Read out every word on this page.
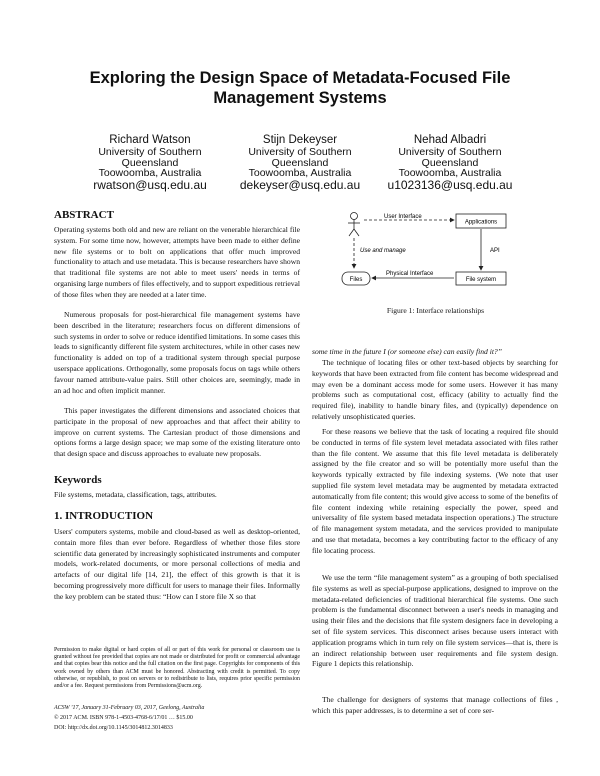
Exploring the Design Space of Metadata-Focused File
Management Systems
Richard Watson
University of Southern
Queensland
Toowoomba, Australia
rwatson@usq.edu.au
Stijn Dekeyser
University of Southern
Queensland
Toowoomba, Australia
dekeyser@usq.edu.au
Nehad Albadri
University of Southern
Queensland
Toowoomba, Australia
u1023136@usq.edu.au
ABSTRACT

Operating systems both old and new are reliant on the venerable hierarchical file system. For some time now, however, attempts have been made to either define new file systems or to bolt on applications that offer much improved functionality to attach and use metadata. This is because researchers have shown that traditional file systems are not able to meet users' needs in terms of organising large numbers of files effectively, and to support expeditious retrieval of those files when they are needed at a later time.

Numerous proposals for post-hierarchical file management systems have been described in the literature; researchers focus on different dimensions of such systems in order to solve or reduce identified limitations. In some cases this leads to significantly different file system architectures, while in other cases new functionality is added on top of a traditional system through special purpose userspace applications. Orthogonally, some proposals focus on tags while others favour named attribute-value pairs. Still other choices are, seemingly, made in an ad hoc and often implicit manner.

This paper investigates the different dimensions and associated choices that participate in the proposal of new approaches and that affect their ability to improve on current systems. The Cartesian product of those dimensions and options forms a large design space; we map some of the existing literature onto that design space and discuss approaches to evaluate new proposals.

Keywords

File systems, metadata, classification, tags, attributes.

1. INTRODUCTION

Users' computers systems, mobile and cloud-based as well as desktop-oriented, contain more files than ever before. Regardless of whether those files store scientific data generated by increasingly sophisticated instruments and computer models, work-related documents, or more personal collections of media and artefacts of our digital life [14, 21], the effect of this growth is that it is becoming progressively more difficult for users to manage their files. Informally the key problem can be stated thus: “How can I store file X so that

Permission to make digital or hard copies of all or part of this work for personal or classroom use is granted without fee provided that copies are not made or distributed for profit or commercial advantage and that copies bear this notice and the full citation on the first page. Copyrights for components of this work owned by others than ACM must be honored. Abstracting with credit is permitted. To copy otherwise, or republish, to post on servers or to redistribute to lists, requires prior specific permission and/or a fee. Request permissions from Permissions@acm.org.

ACSW '17, January 31-February 03, 2017, Geelong, Australia

© 2017 ACM. ISBN 978-1-4503-4768-6/17/01 … $15.00

DOI: http://dx.doi.org/10.1145/3014812.3014833

User Interface
Applications
Use and manage	API
Files
Physical Interface
File system
Figure 1: Interface relationships

some time in the future I (or someone else) can easily find it?”

The technique of locating files or other text-based objects by searching for keywords that have been extracted from file content has become widespread and may even be a dominant access mode for some users. However it has many problems such as computational cost, efficacy (ability to actually find the required file), inability to handle binary files, and (typically) dependence on relatively unsophisticated queries.

For these reasons we believe that the task of locating a required file should be conducted in terms of file system level metadata associated with files rather than the file content. We assume that this file level metadata is deliberately assigned by the file creator and so will be potentially more useful than the keywords typically extracted by file indexing systems. (We note that user supplied file system level metadata may be augmented by metadata extracted automatically from file content; this would give access to some of the benefits of file content indexing while retaining especially the power, speed and universality of file system based metadata inspection operations.) The structure of file management system metadata, and the services provided to manipulate and use that metadata, becomes a key contributing factor to the efficacy of any file locating process.

We use the term “file management system” as a grouping of both specialised file systems as well as special-purpose applications, designed to improve on the metadata-related deficiencies of traditional hierarchical file systems. One such problem is the fundamental disconnect between a user's needs in managing and using their files and the decisions that file system designers face in developing a set of file system services. This disconnect arises because users interact with application programs which in turn rely on file system services—that is, there is an indirect relationship between user requirements and file system design. Figure 1 depicts this relationship.

The challenge for designers of systems that manage collections of files , which this paper addresses, is to determine a set of core ser-
